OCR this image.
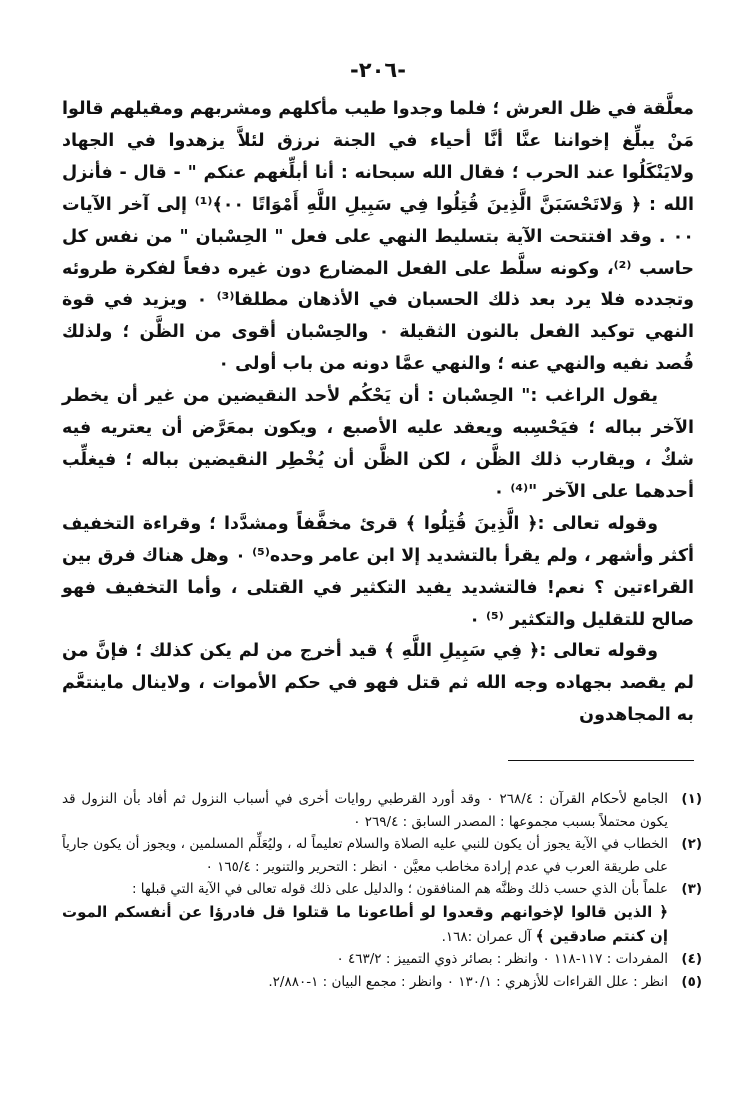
-٢٠٦-

معلَّقة في ظل العرش ؛ فلما وجدوا طيب مأكلهم ومشربهم ومقيلهم قالوا مَنْ يبلِّغ إخواننا عنَّا أنَّا أحياء في الجنة نرزق لئلاَّ يزهدوا في الجهاد ولايَنْكَلُوا عند الحرب ؛ فقال الله سبحانه : أنا أبلِّغهم عنكم " - قال - فأنزل الله : ﴿ وَلاتَحْسَبَنَّ الَّذِينَ قُتِلُوا فِي سَبِيلِ اللَّهِ أَمْوَاتًا ۰۰﴾⁽¹⁾ إلى آخر الآيات ۰۰ . وقد افتتحت الآية بتسليط النهي على فعل " الحِسْبان " من نفس كل حاسب ⁽²⁾، وكونه سلَّط على الفعل المضارع دون غيره دفعاً لفكرة طروئه وتجدده فلا يرد بعد ذلك الحسبان في الأذهان مطلقا⁽³⁾ ۰ ويزيد في قوة النهي توكيد الفعل بالنون الثقيلة ۰ والحِسْبان أقوى من الظَّن ؛ ولذلك قُصد نفيه والنهي عنه ؛ والنهي عمَّا دونه من باب أولى ۰

يقول الراغب :" الحِسْبان : أن يَحْكُم لأحد النقيضين من غير أن يخطر الآخر بباله ؛ فيَحْسِبه ويعقد عليه الأصبع ، ويكون بمعَرَّض أن يعتريه فيه شكٌ ، ويقارب ذلك الظَّن ، لكن الظَّن أن يُخْطِر النقيضين بباله ؛ فيغلِّب أحدهما على الآخر "⁽⁴⁾ ۰

وقوله تعالى :﴿ الَّذِينَ قُتِلُوا ﴾ قرئ مخفَّفاً ومشدَّدا ؛ وقراءة التخفيف أكثر وأشهر ، ولم يقرأ بالتشديد إلا ابن عامر وحده⁽⁵⁾ ۰ وهل هناك فرق بين القراءتين ؟ نعم! فالتشديد يفيد التكثير في القتلى ، وأما التخفيف فهو صالح للتقليل والتكثير ⁽⁵⁾ ۰

وقوله تعالى :﴿ فِي سَبِيلِ اللَّهِ ﴾ قيد أخرج من لم يكن كذلك ؛ فإنَّ من لم يقصد بجهاده وجه الله ثم قتل فهو في حكم الأموات ، ولاينال ماينتعَّم به المجاهدون

(١)
الجامع لأحكام القرآن : ٢٦٨/٤ ۰ وقد أورد القرطبي روايات أخرى في أسباب النزول ثم أفاد بأن النزول قد يكون محتملاً بسبب مجموعها : المصدر السابق : ٢٦٩/٤ ۰
(٢)
الخطاب في الآية يجوز أن يكون للنبي عليه الصلاة والسلام تعليماً له ، وليُعَلِّم المسلمين ، ويجوز أن يكون جارياً على طريقة العرب في عدم إرادة مخاطب معيَّن ۰ انظر : التحرير والتنوير : ١٦٥/٤ ۰
(٣)
علماً بأن الذي حسب ذلك وظنَّه هم المنافقون ؛ والدليل على ذلك قوله تعالى في الآية التي قبلها :
﴿ الذين قالوا لإخوانهم وقعدوا لو أطاعونا ما قتلوا قل فادرؤا عن أنفسكم الموت إن كنتم صادقين ﴾ آل عمران :١٦٨.
(٤)
المفردات : ١١٧-١١٨ ۰ وانظر : بصائر ذوي التمييز : ٤٦٣/٢ ۰
(٥)
انظر : علل القراءات للأزهري : ١٣٠/١ ۰ وانظر : مجمع البيان : ١-٢/٨٨٠.
